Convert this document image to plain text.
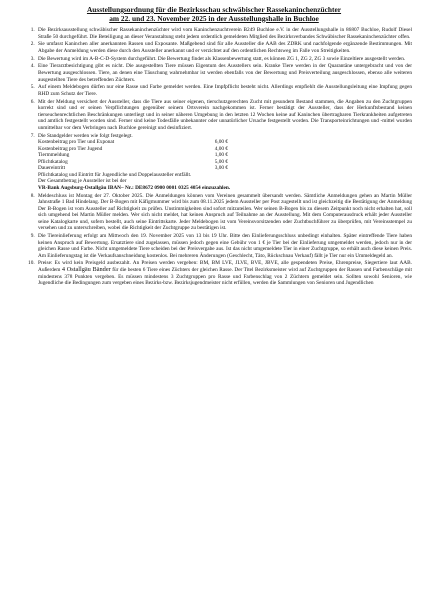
Ausstellungsordnung für die Bezirksschau schwäbischer Rassekaninchenzüchter
am 22. und 23. November 2025 in der Ausstellungshalle in Buchloe
1. Die Bezirksausstellung schwäbischer Rassekaninchenzüchter wird vom Kaninchenzuchtverein B249 Buchloe e.V. in der Ausstellungshalle in 86807 Buchloe, Rudolf Diesel Straße 50 durchgeführt. Die Beteiligung an dieser Veranstaltung steht jedem ordentlich gemeldeten Mitglied des Bezirksverbandes Schwäbischer Rassekaninchenzüchter offen.
2. Sie umfasst Kaninchen aller anerkannten Rassen und Exposante. Maßgebend sind für alle Aussteller die AAB des ZDRK und nachfolgende ergänzende Bestimmungen. Mit Abgabe der Anmeldung werden diese durch den Aussteller anerkannt und er verzichtet auf den ordentlichen Rechtsweg im Falle von Streitigkeiten.
3. Die Bewertung wird im A-B-C-D-System durchgeführt. Die Bewertung findet als Klassenbewertung statt, es können ZG 1, ZG 2, ZG 3 sowie Einzeltiere ausgestellt werden.
4. Eine Tierarztbesichtigung gibt es nicht. Die ausgestellten Tiere müssen Eigentum des Ausstellers sein. Kranke Tiere werden in der Quarantäne untergebracht und von der Bewertung ausgeschlossen. Tiere, an denen eine Täuschung wahrnehmbar ist werden ebenfalls von der Bewertung und Preisverteilung ausgeschlossen, ebenso alle weiteren ausgestellten Tiere des betreffenden Züchters.
5. Auf einem Meldebogen dürfen nur eine Rasse und Farbe gemeldet werden. Eine Impfpflicht besteht nicht. Allerdings empfiehlt die Ausstellungsleitung eine Impfung gegen RHD zum Schutz der Tiere.
6. Mit der Meldung versichert der Aussteller, dass die Tiere aus seiner eigenen, tierschutzgerechten Zucht mit gesundem Bestand stammen, die Angaben zu den Zuchtgruppen korrekt sind und er seinen Verpflichtungen gegenüber seinem Ortsverein nachgekommen ist. Ferner bestätigt der Aussteller, dass der Herkunftsbestand keinen tierseuchenrechtlichen Beschränkungen unterliegt und in seiner näheren Umgebung in den letzten 12 Wochen keine auf Kaninchen übertragbaren Tierkrankheiten aufgetreten und amtlich festgestellt worden sind. Ferner sind keine Todesfälle unbekannter oder unnatürlicher Ursache festgestellt worden. Die Transporteinrichtungen und -mittel wurden unmittelbar vor dem Verbringen nach Buchloe gereinigt und desinfiziert.
7. Die Standgelder werden wie folgt festgelegt.
Kostenbeitrag pro Tier und Exponat	6,00 €
Kostenbeitrag pro Tier Jugend	4,00 €
Tiermmeldung	1,00 €
Pflichtkatalog	5,00 €
Dauereintritt	3,00 €
Pflichtkatalog und Eintritt für Jugendliche und Doppelaussteller entfällt.
Der Gesamtbetrag je Aussteller ist bei der
VR-Bank Augsburg-Ostallgäu IBAN– Nr.: DE8672 0900 0001 0325 4054 einzuzahlen.
8. Meldeschluss ist Montag der 27. Oktober 2025. Die Anmeldungen können vom Vereinen gesammelt übersandt werden. Sämtliche Anmeldungen gehen an Martin Müller Jahnstraße 1 Bad Hindelang. Der B-Bogen mit Käfigmummer wird bis zum 08.11.2025 jedem Aussteller per Post zugestellt und ist gleichzeitig die Bestätigung der Anmeldung Der B-Bogen ist vom Aussteller auf Richtigkeit zu prüfen. Unstimmigkeiten sind sofort mitzuteilen. Wer seinen B-Bogen bis zu diesem Zeitpunkt noch nicht erhalten hat, soll sich umgehend bei Martin Müller melden. Wer sich nicht meldet, hat keinen Anspruch auf Teilnahme an der Ausstellung. Mit dem Computerausdruck erhält jeder Aussteller seine Katalogkarte und, sofern bestellt, auch seine Eintrittskarte. Jeder Meldebogen ist vom Vereinsvorsitzenden oder Zuchtbuchführer zu überprüfen, mit Vereinsstempel zu versehen und zu unterschreiben, wobei die Richtigkeit der Zuchtgruppe zu bestätigen ist.
9. Die Tiereinlieferung erfolgt am Mittwoch den 19. November 2025 von 13 bis 19 Uhr. Bitte den Einlieferungsschluss unbedingt einhalten. Später eintreffende Tiere haben keinen Anspruch auf Bewertung. Ersatztiere sind zugelassen, müssen jedoch gegen eine Gebühr von 1 € je Tier bei der Einlieferung umgemeldet werden, jedoch nur in der gleichen Rasse und Farbe. Nicht umgemeldete Tiere scheiden bei der Preisvergabe aus. Ist das nicht umgemeldete Tier in einer Zuchtgruppe, so erhält auch diese keinen Preis. Am Einlieferungstag ist die Verkaufsanschneidung kostenlos. Bei mehreren Änderungen (Geschlecht, Täto, Rückschnau Verkauf) fällt je Tier nur ein Ummeldegeld an.
10. Preise: Es wird kein Preisgeld ausbezahlt. An Preisen werden vergeben: BM, BM LVE, JLVE, BVE, JBVE, alle gespendeten Preise, Ehrenpreise, Siegertiere laut AAB. Außerdem 4 Ostallgäu Bänder für die besten 6 Tiere eines Züchters der gleichen Rasse. Der Titel Bezirksmeister wird auf Zuchtgruppen der Rassen und Farbenschläge mit mindestens 378 Punkten vergeben. Es müssen mindestens 3 Zuchtgruppen pro Rasse und Farbenschlag von 2 Züchtern gemeldet sein. Sollten sowohl Senioren, wie Jugendliche die Bedingungen zum vergeben eines Bezirks-bzw. Bezirksjugendmeister nicht erfüllen, werden die Sammlungen von Senioren und Jugendlichen
